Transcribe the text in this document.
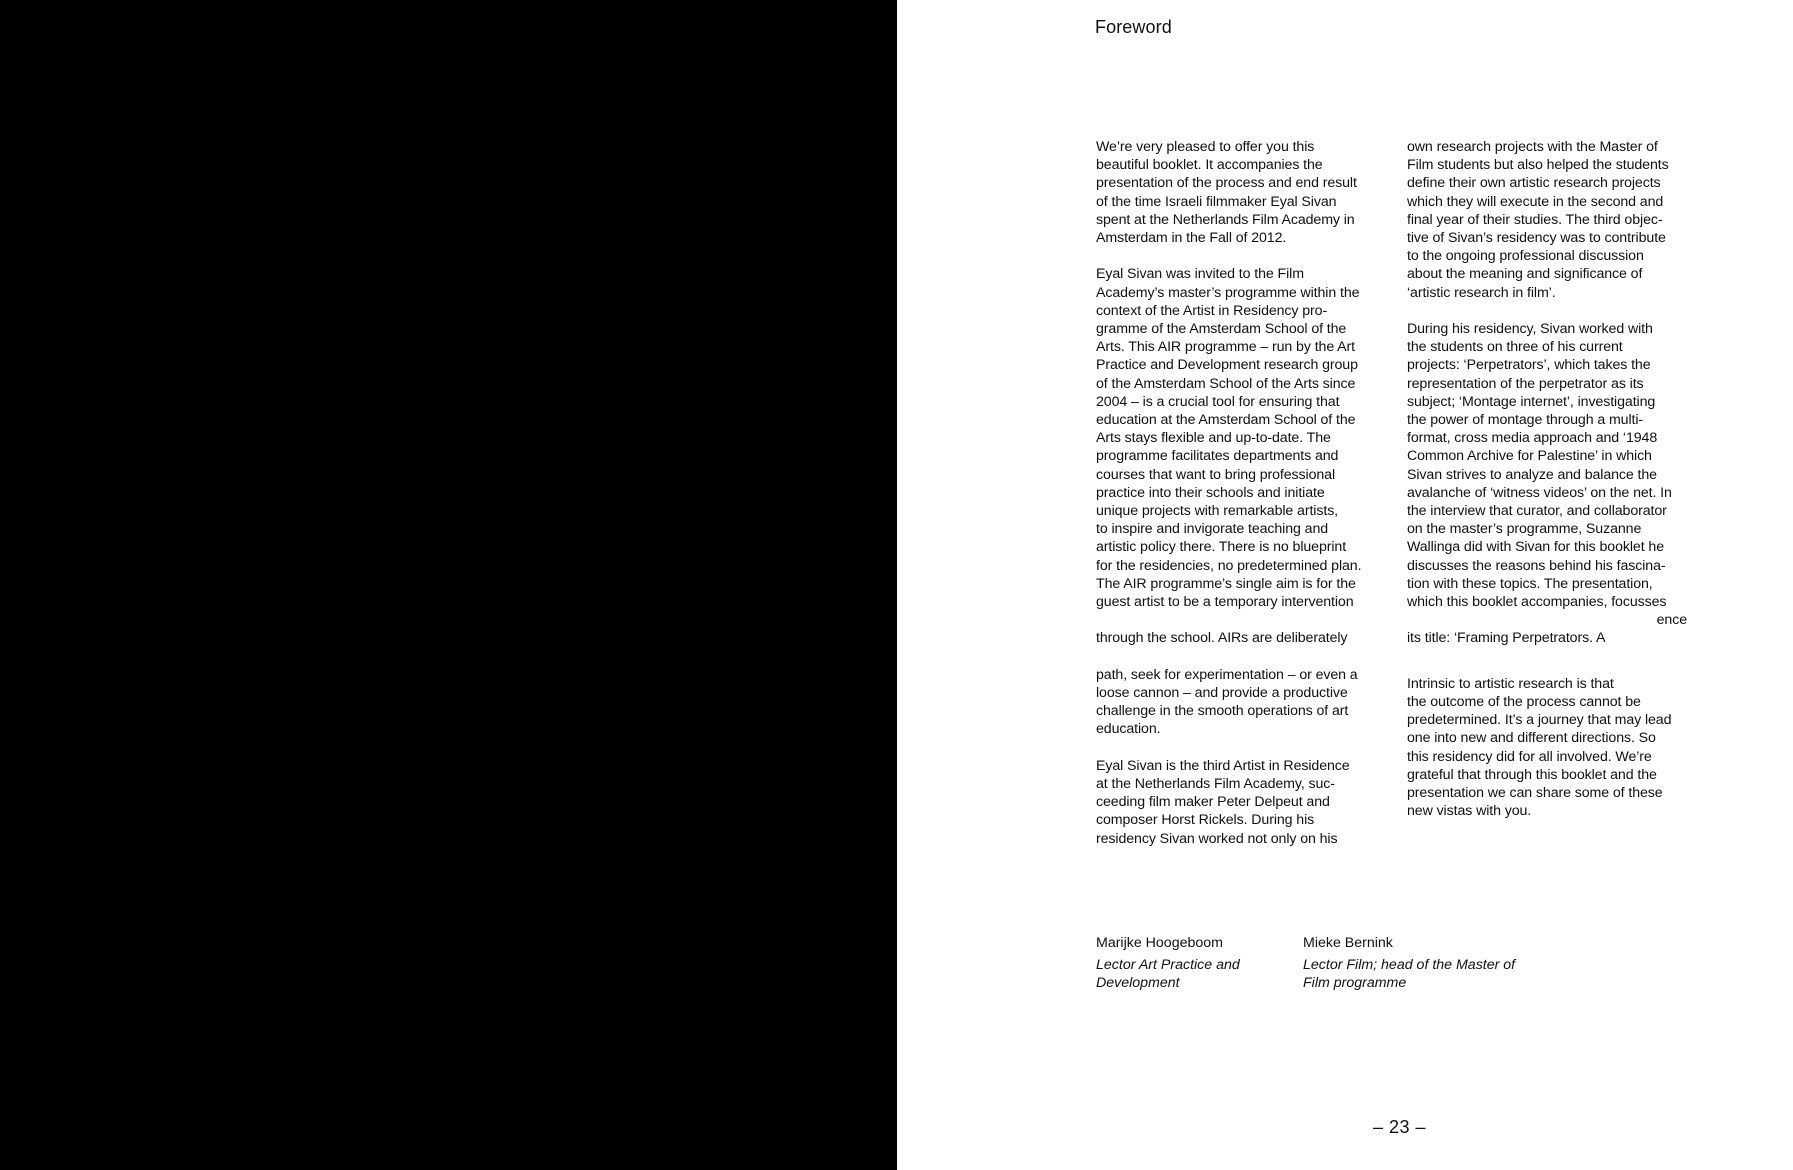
Foreword
We’re very pleased to offer you this
beautiful booklet. It accompanies the
presentation of the process and end result
of the time Israeli filmmaker Eyal Sivan
spent at the Netherlands Film Academy in
Amsterdam in the Fall of 2012.
Eyal Sivan was invited to the Film
Academy’s master’s programme within the
context of the Artist in Residency pro-
gramme of the Amsterdam School of the
Arts. This AIR programme – run by the Art
Practice and Development research group
of the Amsterdam School of the Arts since
2004 – is a crucial tool for ensuring that
education at the Amsterdam School of the
Arts stays flexible and up-to-date. The
programme facilitates departments and
courses that want to bring professional
practice into their schools and initiate
unique projects with remarkable artists,
to inspire and invigorate teaching and
artistic policy there. There is no blueprint
for the residencies, no predetermined plan.
The AIR programme’s single aim is for the
guest artist to be a temporary intervention
through the school. AIRs are deliberately
path, seek for experimentation – or even a
loose cannon – and provide a productive
challenge in the smooth operations of art
education.
Eyal Sivan is the third Artist in Residence
at the Netherlands Film Academy, suc-
ceeding film maker Peter Delpeut and
composer Horst Rickels. During his
residency Sivan worked not only on his
own research projects with the Master of
Film students but also helped the students
define their own artistic research projects
which they will execute in the second and
final year of their studies. The third objec-
tive of Sivan’s residency was to contribute
to the ongoing professional discussion
about the meaning and significance of
‘artistic research in film’.
During his residency, Sivan worked with
the students on three of his current
projects: ‘Perpetrators’, which takes the
representation of the perpetrator as its
subject; ‘Montage internet’, investigating
the power of montage through a multi-
format, cross media approach and ‘1948
Common Archive for Palestine’ in which
Sivan strives to analyze and balance the
avalanche of ‘witness videos’ on the net. In
the interview that curator, and collaborator
on the master’s programme, Suzanne
Wallinga did with Sivan for this booklet he
discusses the reasons behind his fascina-
tion with these topics. The presentation,
which this booklet accompanies, focusses
ence
its title: ‘Framing Perpetrators. A
Intrinsic to artistic research is that
the outcome of the process cannot be
predetermined. It’s a journey that may lead
one into new and different directions. So
this residency did for all involved. We’re
grateful that through this booklet and the
presentation we can share some of these
new vistas with you.
Marijke Hoogeboom
Lector Art Practice and Development
Mieke Bernink
Lector Film; head of the Master of Film programme
– 23 –
